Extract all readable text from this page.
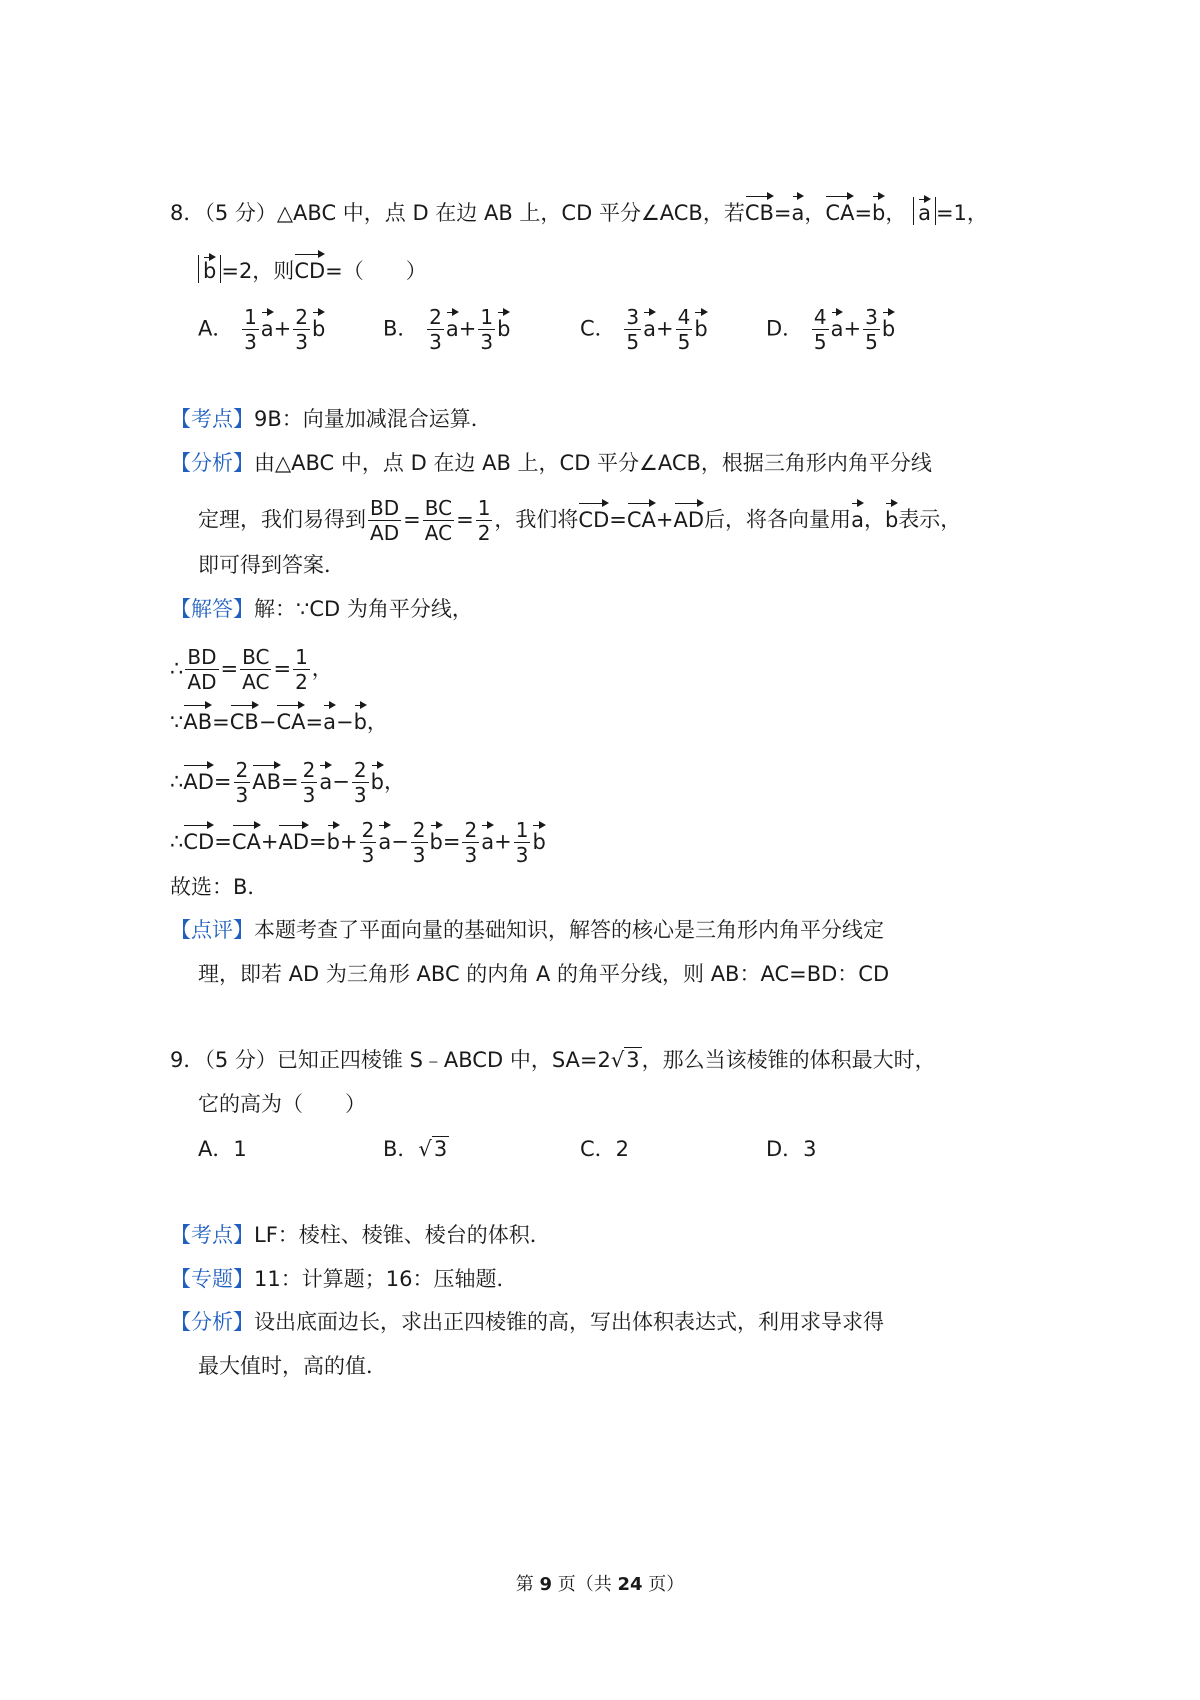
8．（5 分）△ABC 中，点 D 在边 AB 上，CD 平分∠ACB，若CB=a，CA=b， a =1，
b =2，则CD=（　　）
A． $\frac{1}{3} a+ \frac{2}{3}$ b	B． $\frac{2}{3} a+ \frac{1}{3}$ b	C． $\frac{3}{5} a+ \frac{4}{5}$ b	D． $\frac{4}{5} a+ \frac{3}{5}$ b
【考点】9B：向量加减混合运算．
【分析】由△ABC 中，点 D 在边 AB 上，CD 平分∠ACB，根据三角形内角平分线
定理，我们易得到 $\frac{BD}{AD} = \frac{BC}{AC} = \frac{1}{2}$ ，我们将CD=CA+AD后，将各向量用a，b表示，
即可得到答案．
【解答】解：∵CD 为角平分线，
∴ $\frac{BD}{AD} = \frac{BC}{AC} = \frac{1}{2}$ ，
∵AB=CB−CA=a−b，
∴AD= $\frac{2}{3} AB= \frac{2}{3} a- \frac{2}{3}$ b，
∴CD=CA+AD=b+ $\frac{2}{3} a- \frac{2}{3} b= \frac{2}{3} a+ \frac{1}{3}$ b
故选：B．
【点评】本题考查了平面向量的基础知识，解答的核心是三角形内角平分线定
理，即若 AD 为三角形 ABC 的内角 A 的角平分线，则 AB：AC=BD：CD
9．（5 分）已知正四棱锥 S﹣ABCD 中，SA=2√3，那么当该棱锥的体积最大时，
它的高为（　　）
A．1	B．√3	C．2	D．3
【考点】LF：棱柱、棱锥、棱台的体积．
【专题】11：计算题；16：压轴题．
【分析】设出底面边长，求出正四棱锥的高，写出体积表达式，利用求导求得
最大值时，高的值．
第 9 页（共 24 页）
